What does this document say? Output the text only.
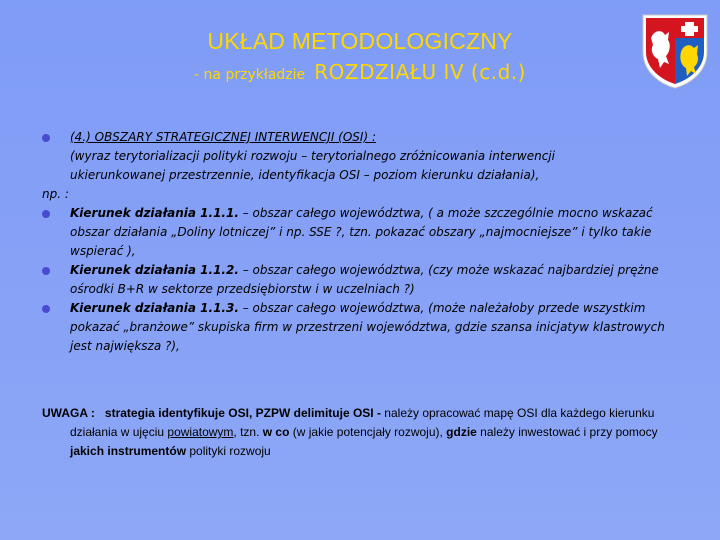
UKŁAD METODOLOGICZNY
- na przykładzie ROZDZIAŁU IV (c.d.)
(4.) OBSZARY STRATEGICZNEJ INTERWENCJI (OSI) :
(wyraz terytorializacji polityki rozwoju – terytorialnego zróżnicowania interwencji
ukierunkowanej przestrzennie, identyfikacja OSI – poziom kierunku działania),
np. :
Kierunek działania 1.1.1. – obszar całego województwa, ( a może szczególnie mocno wskazać obszar działania „Doliny lotniczej” i np. SSE ?, tzn. pokazać obszary „najmocniejsze” i tylko takie wspierać ),
Kierunek działania 1.1.2. – obszar całego województwa, (czy może wskazać najbardziej prężne ośrodki B+R w sektorze przedsiębiorstw i w uczelniach ?)
Kierunek działania 1.1.3. – obszar całego województwa, (może należałoby przede wszystkim pokazać „branżowe” skupiska firm w przestrzeni województwa, gdzie szansa inicjatyw klastrowych jest największa ?),
UWAGA : strategia identyfikuje OSI, PZPW delimituje OSI - należy opracować mapę OSI dla każdego kierunku działania w ujęciu powiatowym, tzn. w co (w jakie potencjały rozwoju), gdzie należy inwestować i przy pomocy jakich instrumentów polityki rozwoju
